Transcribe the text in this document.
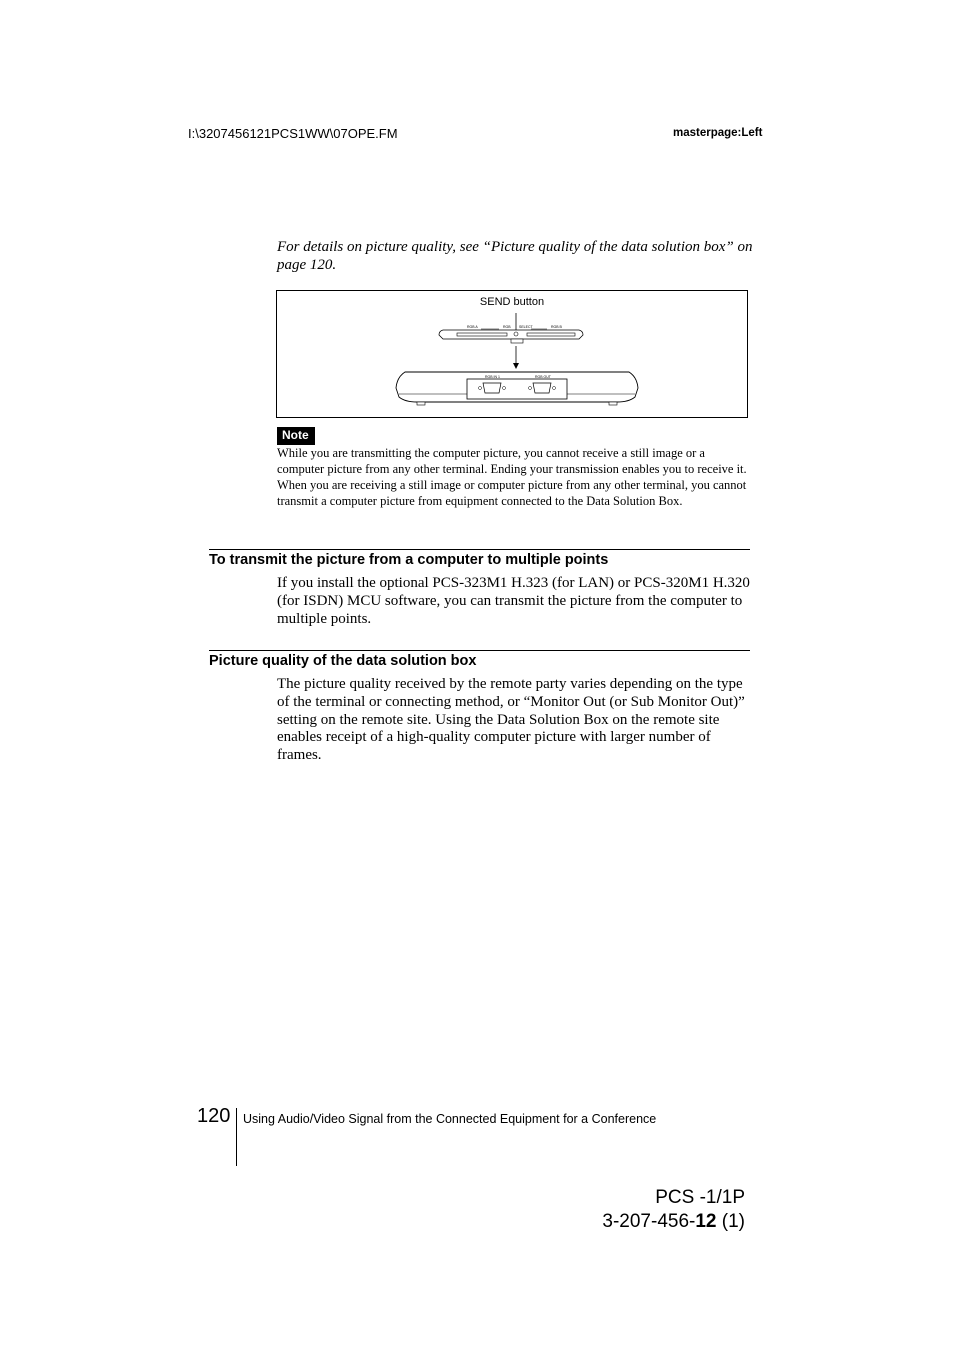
I:\3207456121PCS1WW\07OPE.FM	masterpage:Left
For details on picture quality, see “Picture quality of the data solution box” on page 120.
SEND button
RGB A	RGB SELECT	RGB B
RGB IN 1	RGB OUT
Note
While you are transmitting the computer picture, you cannot receive a still image or a computer picture from any other terminal. Ending your transmission enables you to receive it. When you are receiving a still image or computer picture from any other terminal, you cannot transmit a computer picture from equipment connected to the Data Solution Box.
To transmit the picture from a computer to multiple points
If you install the optional PCS-323M1 H.323 (for LAN) or PCS-320M1 H.320 (for ISDN) MCU software, you can transmit the picture from the computer to multiple points.
Picture quality of the data solution box
The picture quality received by the remote party varies depending on the type of the terminal or connecting method, or “Monitor Out (or Sub Monitor Out)” setting on the remote site. Using the Data Solution Box on the remote site enables receipt of a high-quality computer picture with larger number of frames.
120 Using Audio/Video Signal from the Connected Equipment for a Conference
PCS -1/1P
3-207-456-12 (1)
